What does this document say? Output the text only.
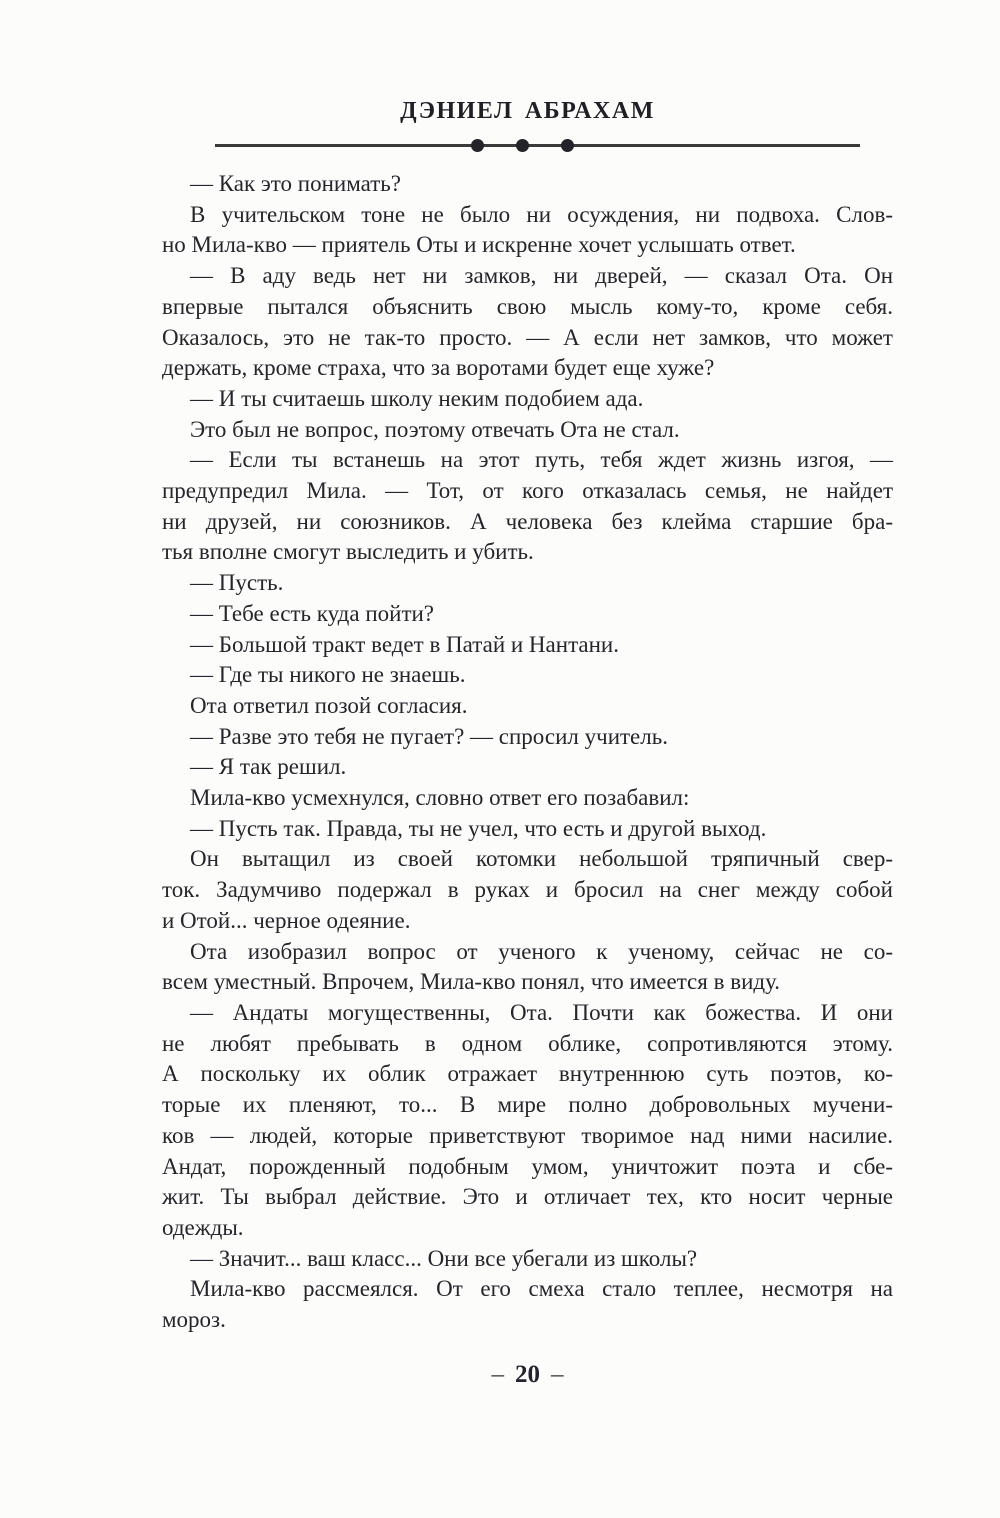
ДЭНИЕЛ АБРАХАМ
— Как это понимать?
В учительском тоне не было ни осуждения, ни подвоха. Слов-
но Мила-кво — приятель Оты и искренне хочет услышать ответ.
— В аду ведь нет ни замков, ни дверей, — сказал Ота. Он
впервые пытался объяснить свою мысль кому-то, кроме себя.
Оказалось, это не так-то просто. — А если нет замков, что может
держать, кроме страха, что за воротами будет еще хуже?
— И ты считаешь школу неким подобием ада.
Это был не вопрос, поэтому отвечать Ота не стал.
— Если ты встанешь на этот путь, тебя ждет жизнь изгоя, —
предупредил Мила. — Тот, от кого отказалась семья, не найдет
ни друзей, ни союзников. А человека без клейма старшие бра-
тья вполне смогут выследить и убить.
— Пусть.
— Тебе есть куда пойти?
— Большой тракт ведет в Патай и Нантани.
— Где ты никого не знаешь.
Ота ответил позой согласия.
— Разве это тебя не пугает? — спросил учитель.
— Я так решил.
Мила-кво усмехнулся, словно ответ его позабавил:
— Пусть так. Правда, ты не учел, что есть и другой выход.
Он вытащил из своей котомки небольшой тряпичный свер-
ток. Задумчиво подержал в руках и бросил на снег между собой
и Отой... черное одеяние.
Ота изобразил вопрос от ученого к ученому, сейчас не со-
всем уместный. Впрочем, Мила-кво понял, что имеется в виду.
— Андаты могущественны, Ота. Почти как божества. И они
не любят пребывать в одном облике, сопротивляются этому.
А поскольку их облик отражает внутреннюю суть поэтов, ко-
торые их пленяют, то... В мире полно добровольных мучени-
ков — людей, которые приветствуют творимое над ними насилие.
Андат, порожденный подобным умом, уничтожит поэта и сбе-
жит. Ты выбрал действие. Это и отличает тех, кто носит черные
одежды.
— Значит... ваш класс... Они все убегали из школы?
Мила-кво рассмеялся. От его смеха стало теплее, несмотря на
мороз.
– 20 –
